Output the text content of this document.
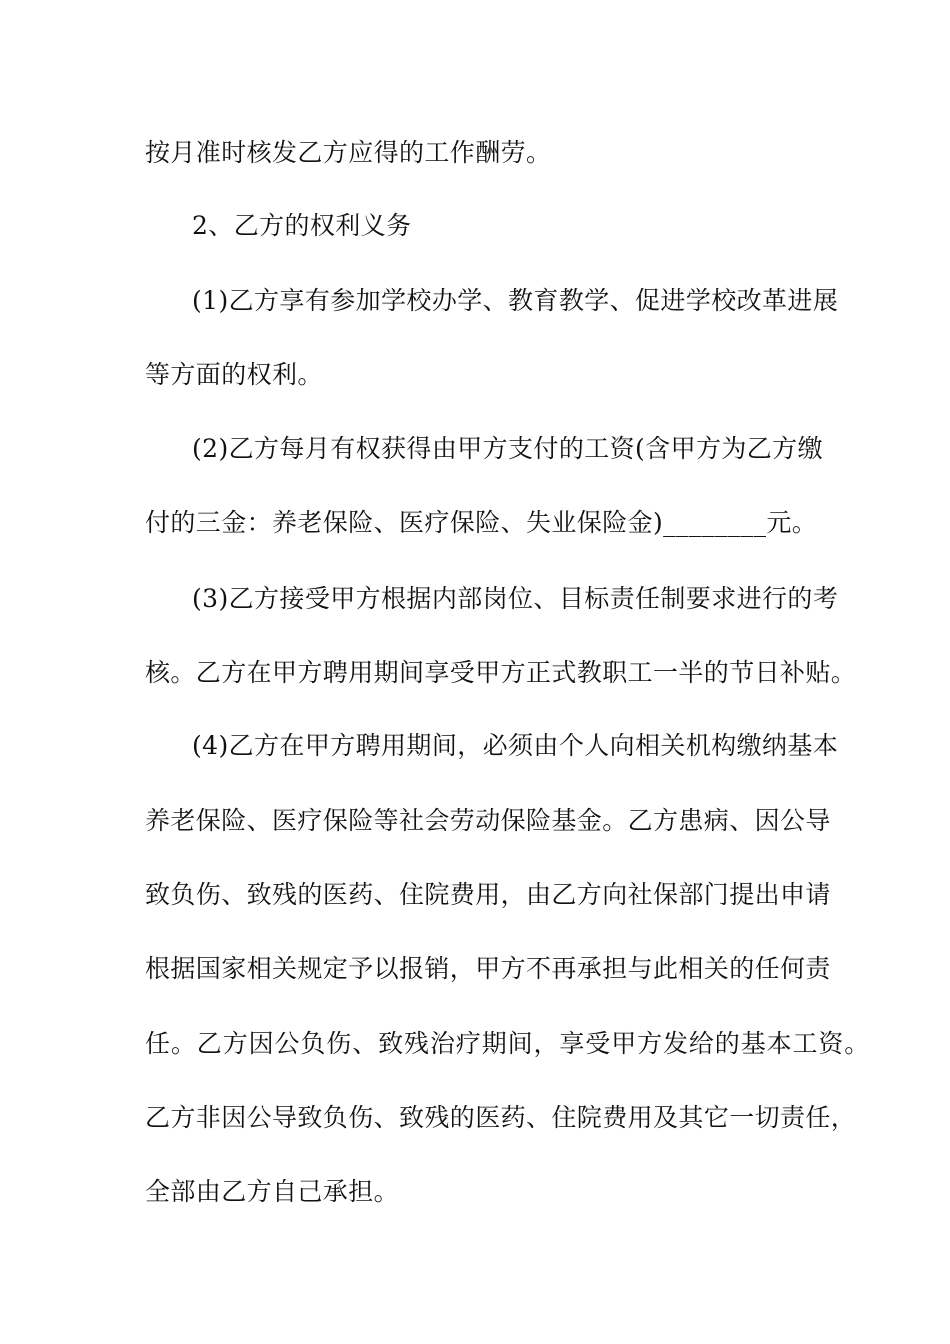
按月准时核发乙方应得的工作酬劳。

2、乙方的权利义务

(1)乙方享有参加学校办学、教育教学、促进学校改革进展

等方面的权利。

(2)乙方每月有权获得由甲方支付的工资(含甲方为乙方缴

付的三金：养老保险、医疗保险、失业保险金)________元。

(3)乙方接受甲方根据内部岗位、目标责任制要求进行的考

核。乙方在甲方聘用期间享受甲方正式教职工一半的节日补贴。

(4)乙方在甲方聘用期间，必须由个人向相关机构缴纳基本

养老保险、医疗保险等社会劳动保险基金。乙方患病、因公导

致负伤、致残的医药、住院费用，由乙方向社保部门提出申请

根据国家相关规定予以报销，甲方不再承担与此相关的任何责

任。乙方因公负伤、致残治疗期间，享受甲方发给的基本工资。

乙方非因公导致负伤、致残的医药、住院费用及其它一切责任，

全部由乙方自己承担。
